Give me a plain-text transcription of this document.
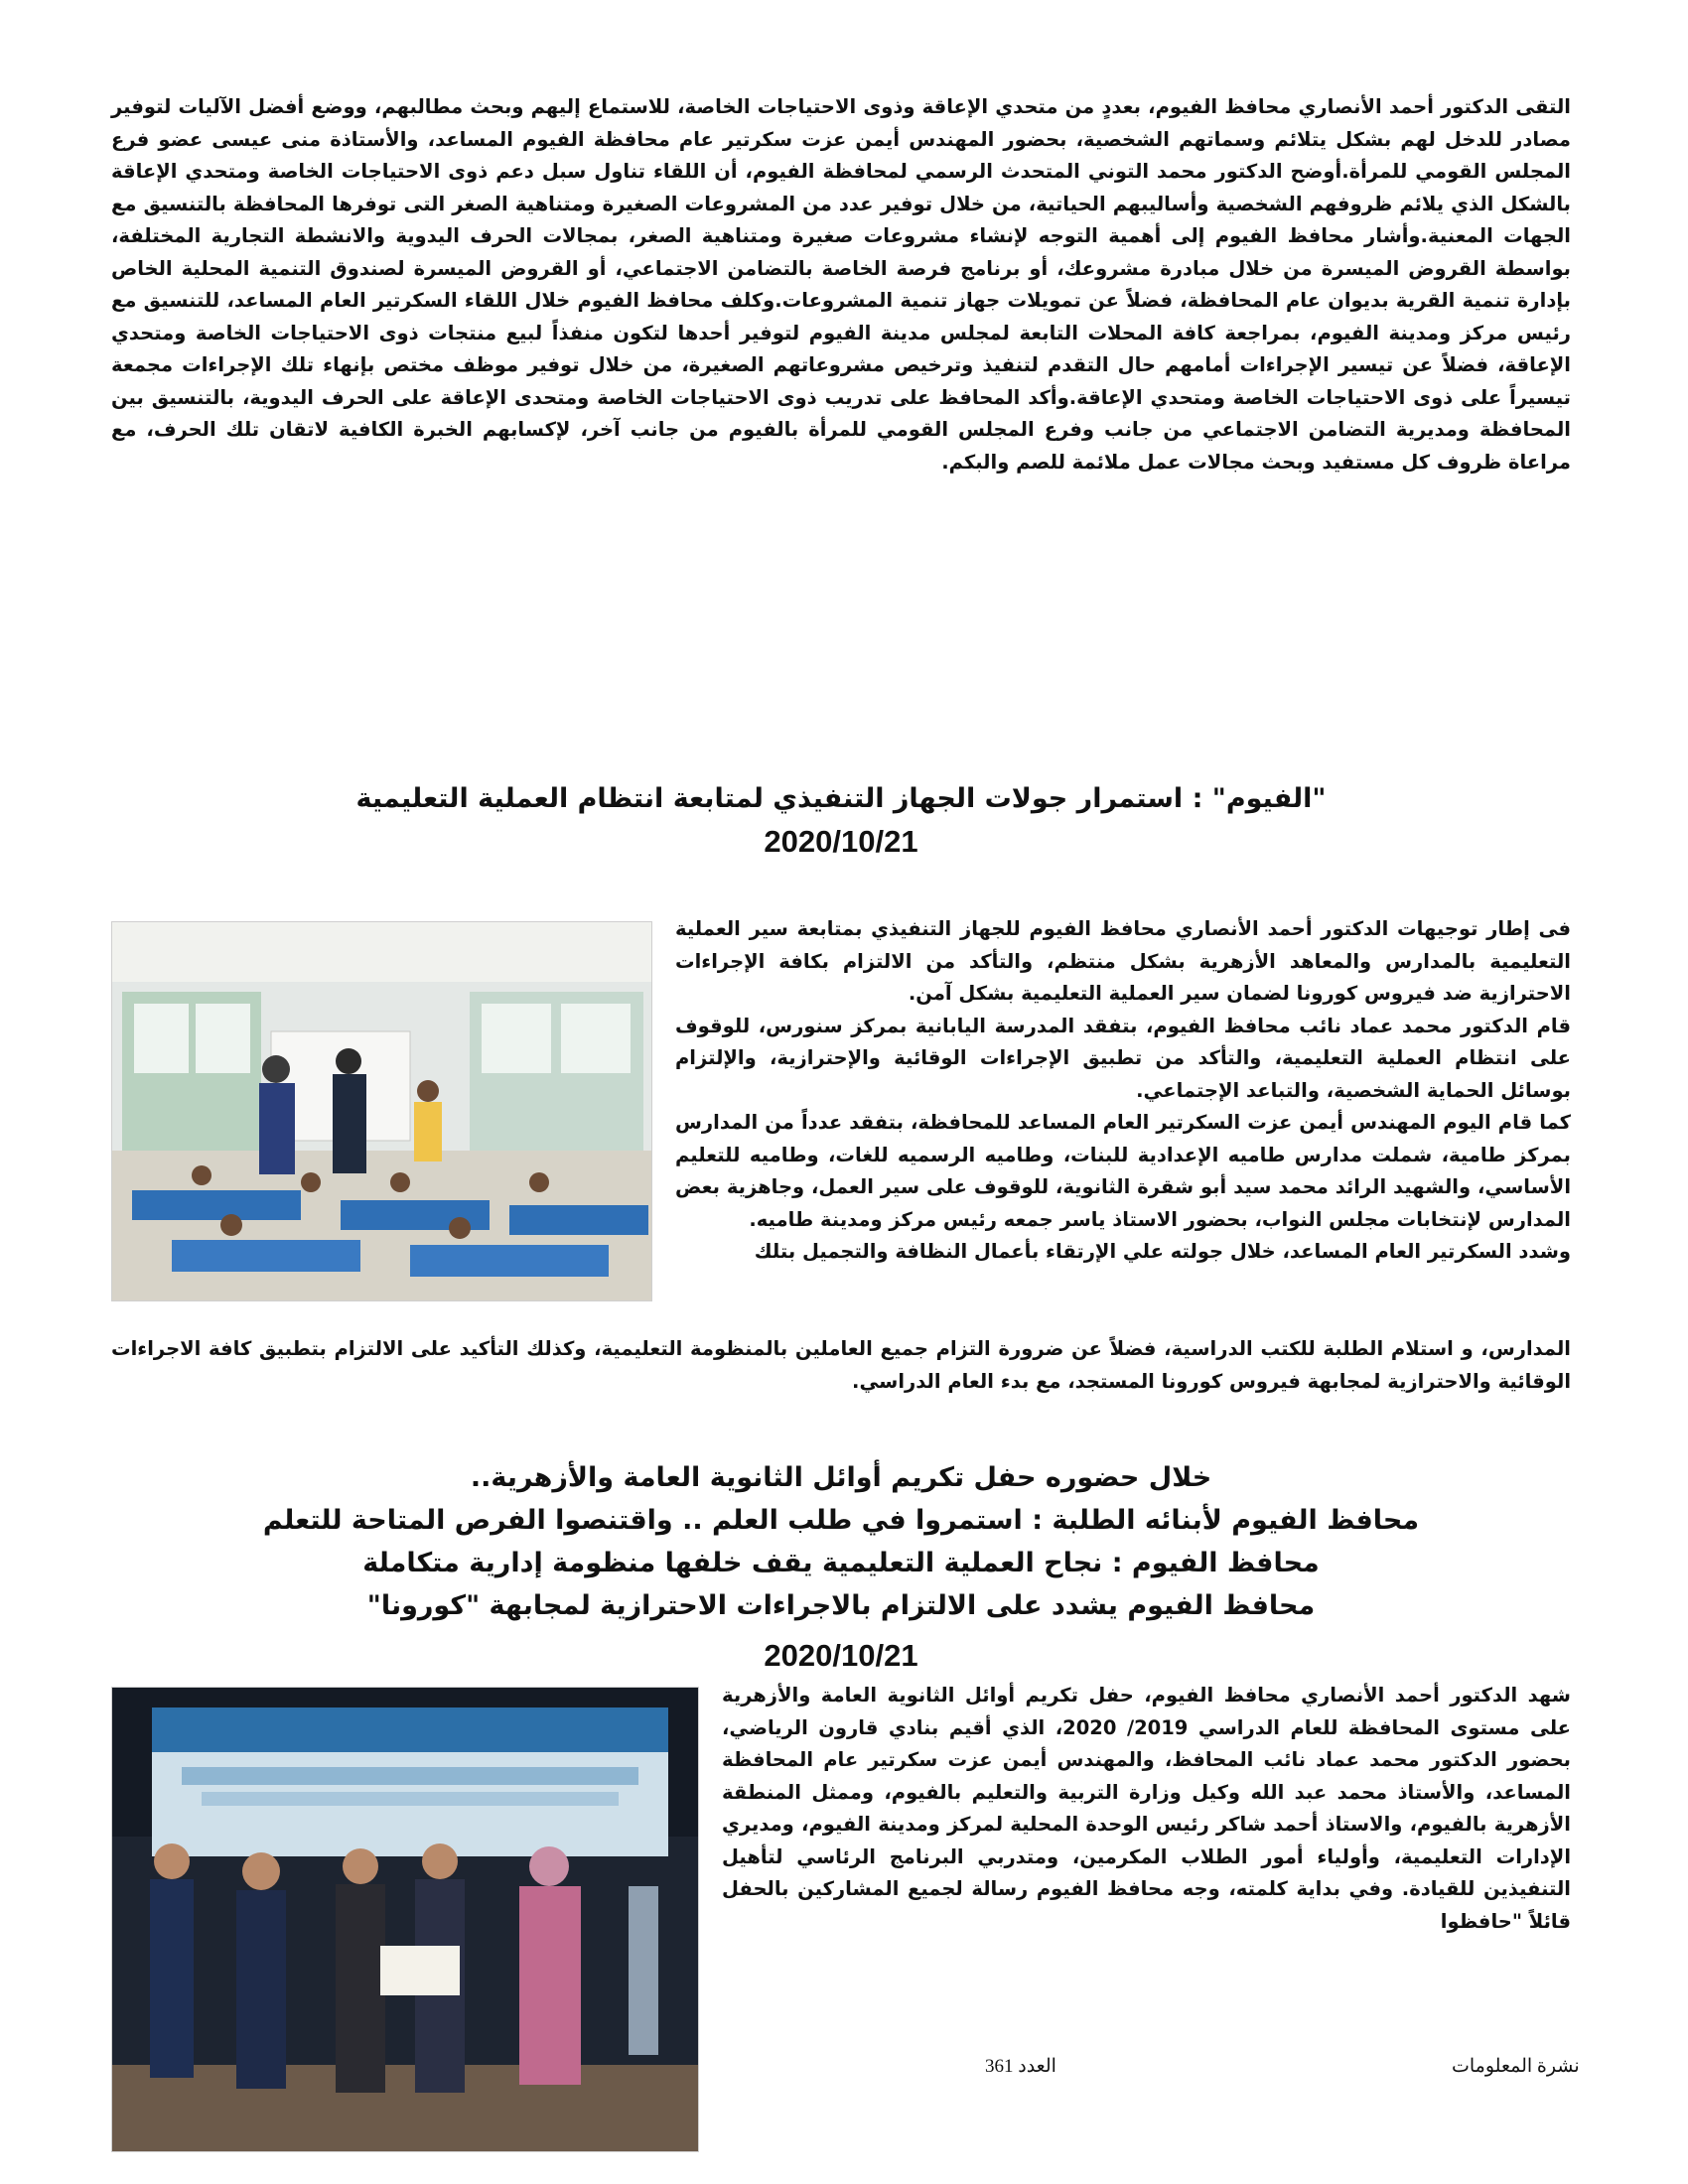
التقى الدكتور أحمد الأنصاري محافظ الفيوم، بعددٍ من متحدي الإعاقة وذوى الاحتياجات الخاصة، للاستماع إليهم وبحث مطالبهم، ووضع أفضل الآليات لتوفير مصادر للدخل لهم بشكل يتلائم وسماتهم الشخصية، بحضور المهندس أيمن عزت سكرتير عام محافظة الفيوم المساعد، والأستاذة منى عيسى عضو فرع المجلس القومي للمرأة.أوضح الدكتور محمد التوني المتحدث الرسمي لمحافظة الفيوم، أن اللقاء تناول سبل دعم ذوى الاحتياجات الخاصة ومتحدي الإعاقة بالشكل الذي يلائم ظروفهم الشخصية وأساليبهم الحياتية، من خلال توفير عدد من المشروعات الصغيرة ومتناهية الصغر التى توفرها المحافظة بالتنسيق مع الجهات المعنية.وأشار محافظ الفيوم إلى أهمية التوجه لإنشاء مشروعات صغيرة ومتناهية الصغر، بمجالات الحرف اليدوية والانشطة التجارية المختلفة، بواسطة القروض الميسرة من خلال مبادرة مشروعك، أو برنامج فرصة الخاصة بالتضامن الاجتماعي، أو القروض الميسرة لصندوق التنمية المحلية الخاص بإدارة تنمية القرية بديوان عام المحافظة، فضلاً عن تمويلات جهاز تنمية المشروعات.وكلف محافظ الفيوم خلال اللقاء السكرتير العام المساعد، للتنسيق مع رئيس مركز ومدينة الفيوم، بمراجعة كافة المحلات التابعة لمجلس مدينة الفيوم لتوفير أحدها لتكون منفذاً لبيع منتجات ذوى الاحتياجات الخاصة ومتحدي الإعاقة، فضلاً عن تيسير الإجراءات أمامهم حال التقدم لتنفيذ وترخيص مشروعاتهم الصغيرة، من خلال توفير موظف مختص بإنهاء تلك الإجراءات مجمعة تيسيراً على ذوى الاحتياجات الخاصة ومتحدي الإعاقة.وأكد المحافظ على تدريب ذوى الاحتياجات الخاصة ومتحدى الإعاقة على الحرف اليدوية، بالتنسيق بين المحافظة ومديرية التضامن الاجتماعي من جانب وفرع المجلس القومي للمرأة بالفيوم من جانب آخر، لإكسابهم الخبرة الكافية لاتقان تلك الحرف، مع مراعاة ظروف كل مستفيد وبحث مجالات عمل ملائمة للصم والبكم.

"الفيوم" : استمرار جولات الجهاز التنفيذي لمتابعة انتظام العملية التعليمية
2020/10/21

فى إطار توجيهات الدكتور أحمد الأنصاري محافظ الفيوم للجهاز التنفيذي بمتابعة سير العملية التعليمية بالمدارس والمعاهد الأزهرية بشكل منتظم، والتأكد من الالتزام بكافة الإجراءات الاحترازية ضد فيروس كورونا لضمان سير العملية التعليمية بشكل آمن.

قام الدكتور محمد عماد نائب محافظ الفيوم، بتفقد المدرسة اليابانية بمركز سنورس، للوقوف على انتظام العملية التعليمية، والتأكد من تطبيق الإجراءات الوقائية والإحترازية، والإلتزام بوسائل الحماية الشخصية، والتباعد الإجتماعي.

كما قام اليوم المهندس أيمن عزت السكرتير العام المساعد للمحافظة، بتفقد عدداً من المدارس بمركز طامية، شملت مدارس طاميه الإعدادية للبنات، وطاميه الرسميه للغات، وطاميه للتعليم الأساسي، والشهيد الرائد محمد سيد أبو شقرة الثانوية، للوقوف على سير العمل، وجاهزية بعض المدارس لإنتخابات مجلس النواب، بحضور الاستاذ ياسر جمعه رئيس مركز ومدينة طاميه.

وشدد السكرتير العام المساعد، خلال جولته علي الإرتقاء بأعمال النظافة والتجميل بتلك

المدارس، و استلام الطلبة للكتب الدراسية، فضلاً عن ضرورة التزام جميع العاملين بالمنظومة التعليمية، وكذلك التأكيد على الالتزام بتطبيق كافة الاجراءات الوقائية والاحترازية لمجابهة فيروس كورونا المستجد، مع بدء العام الدراسي.

خلال حضوره حفل تكريم أوائل الثانوية العامة والأزهرية..
محافظ الفيوم لأبنائه الطلبة : استمروا في طلب العلم .. واقتنصوا الفرص المتاحة للتعلم
محافظ الفيوم : نجاح العملية التعليمية يقف خلفها منظومة إدارية متكاملة
محافظ الفيوم يشدد على الالتزام بالاجراءات الاحترازية لمجابهة "كورونا"
2020/10/21

شهد الدكتور أحمد الأنصاري محافظ الفيوم، حفل تكريم أوائل الثانوية العامة والأزهرية على مستوى المحافظة للعام الدراسي 2019/ 2020، الذي أقيم بنادي قارون الرياضي، بحضور الدكتور محمد عماد نائب المحافظ، والمهندس أيمن عزت سكرتير عام المحافظة المساعد، والأستاذ محمد عبد الله وكيل وزارة التربية والتعليم بالفيوم، وممثل المنطقة الأزهرية بالفيوم، والاستاذ أحمد شاكر رئيس الوحدة المحلية لمركز ومدينة الفيوم، ومديري الإدارات التعليمية، وأولياء أمور الطلاب المكرمين، ومتدربي البرنامج الرئاسي لتأهيل التنفيذين للقيادة. وفي بداية كلمته، وجه محافظ الفيوم رسالة لجميع المشاركين بالحفل قائلاً "حافظوا

العدد 361	نشرة المعلومات
